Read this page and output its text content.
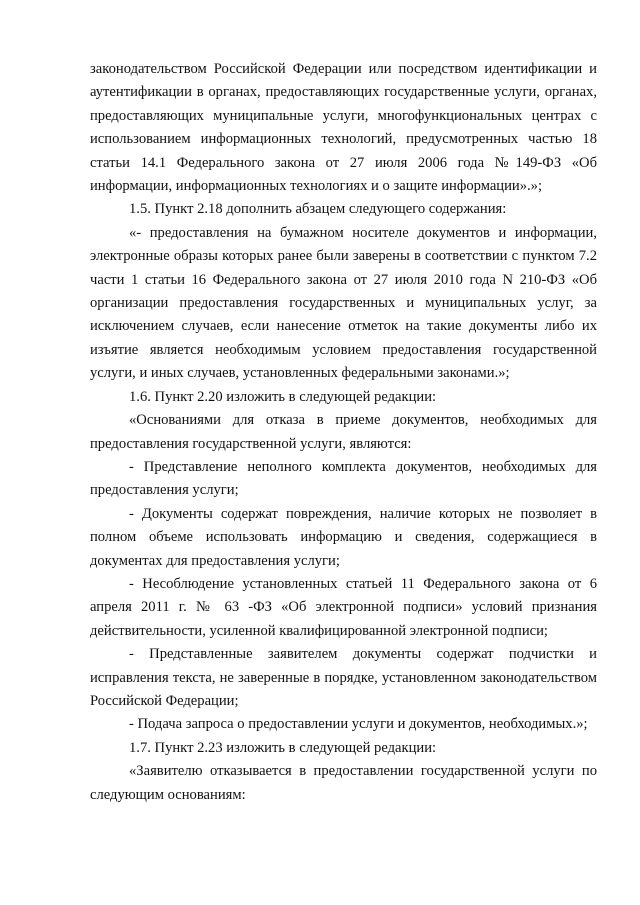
законодательством Российской Федерации или посредством идентификации и аутентификации в органах, предоставляющих государственные услуги, органах, предоставляющих муниципальные услуги, многофункциональных центрах с использованием информационных технологий, предусмотренных частью 18 статьи 14.1 Федерального закона от 27 июля 2006 года №149-ФЗ «Об информации, информационных технологиях и о защите информации».»;

1.5. Пункт 2.18 дополнить абзацем следующего содержания:

«- предоставления на бумажном носителе документов и информации, электронные образы которых ранее были заверены в соответствии с пунктом 7.2 части 1 статьи 16 Федерального закона от 27 июля 2010 года N 210-ФЗ «Об организации предоставления государственных и муниципальных услуг, за исключением случаев, если нанесение отметок на такие документы либо их изъятие является необходимым условием предоставления государственной услуги, и иных случаев, установленных федеральными законами.»;

1.6. Пункт 2.20 изложить в следующей редакции:

«Основаниями для отказа в приеме документов, необходимых для предоставления государственной услуги, являются:

- Представление неполного комплекта документов, необходимых для предоставления услуги;

- Документы содержат повреждения, наличие которых не позволяет в полном объеме использовать информацию и сведения, содержащиеся в документах для предоставления услуги;

- Несоблюдение установленных статьей 11 Федерального закона от 6 апреля 2011 г. № 63 -ФЗ «Об электронной подписи» условий признания действительности, усиленной квалифицированной электронной подписи;

- Представленные заявителем документы содержат подчистки и исправления текста, не заверенные в порядке, установленном законодательством Российской Федерации;

- Подача запроса о предоставлении услуги и документов, необходимых.»;

1.7. Пункт 2.23 изложить в следующей редакции:

«Заявителю отказывается в предоставлении государственной услуги по следующим основаниям:
